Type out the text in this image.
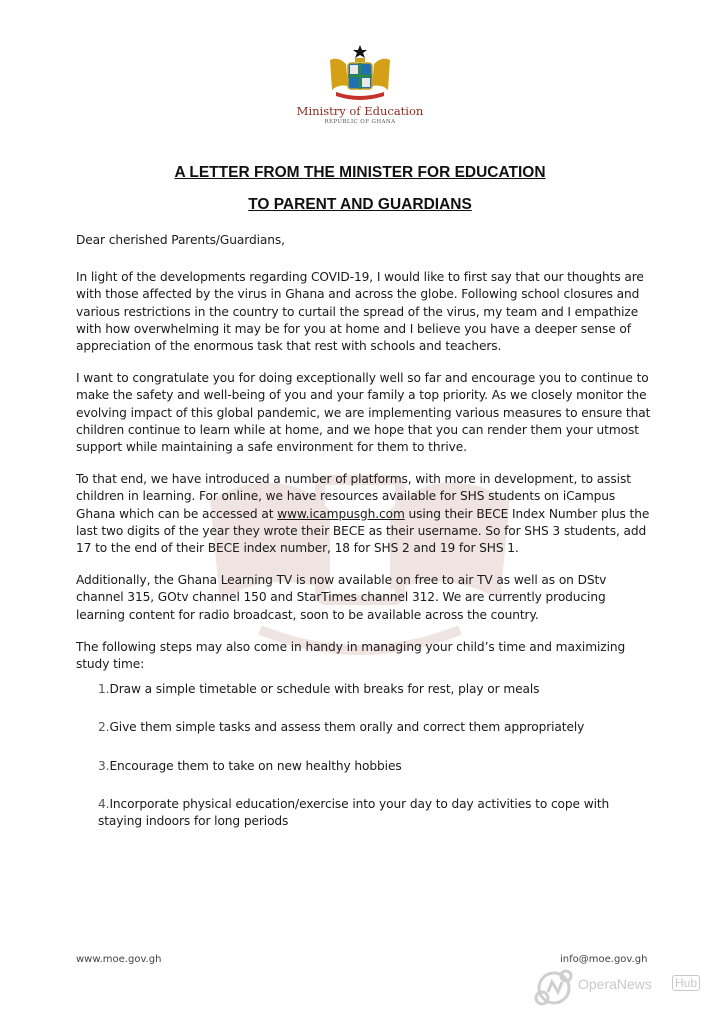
Ministry of Education
REPUBLIC OF GHANA
A LETTER FROM THE MINISTER FOR EDUCATION
TO PARENT AND GUARDIANS

Dear cherished Parents/Guardians,

In light of the developments regarding COVID-19, I would like to first say that our thoughts are with those affected by the virus in Ghana and across the globe. Following school closures and various restrictions in the country to curtail the spread of the virus, my team and I empathize with how overwhelming it may be for you at home and I believe you have a deeper sense of appreciation of the enormous task that rest with schools and teachers.

I want to congratulate you for doing exceptionally well so far and encourage you to continue to make the safety and well-being of you and your family a top priority. As we closely monitor the evolving impact of this global pandemic, we are implementing various measures to ensure that children continue to learn while at home, and we hope that you can render them your utmost support while maintaining a safe environment for them to thrive.

To that end, we have introduced a number of platforms, with more in development, to assist children in learning. For online, we have resources available for SHS students on iCampus Ghana which can be accessed at www.icampusgh.com using their BECE Index Number plus the last two digits of the year they wrote their BECE as their username. So for SHS 3 students, add 17 to the end of their BECE index number, 18 for SHS 2 and 19 for SHS 1.

Additionally, the Ghana Learning TV is now available on free to air TV as well as on DStv channel 315, GOtv channel 150 and StarTimes channel 312. We are currently producing learning content for radio broadcast, soon to be available across the country.

The following steps may also come in handy in managing your child’s time and maximizing study time:

1.Draw a simple timetable or schedule with breaks for rest, play or meals
2.Give them simple tasks and assess them orally and correct them appropriately
3.Encourage them to take on new healthy hobbies
4.Incorporate physical education/exercise into your day to day activities to cope with staying indoors for long periods
www.moe.gov.gh	info@moe.gov.gh
OperaNews Hub
